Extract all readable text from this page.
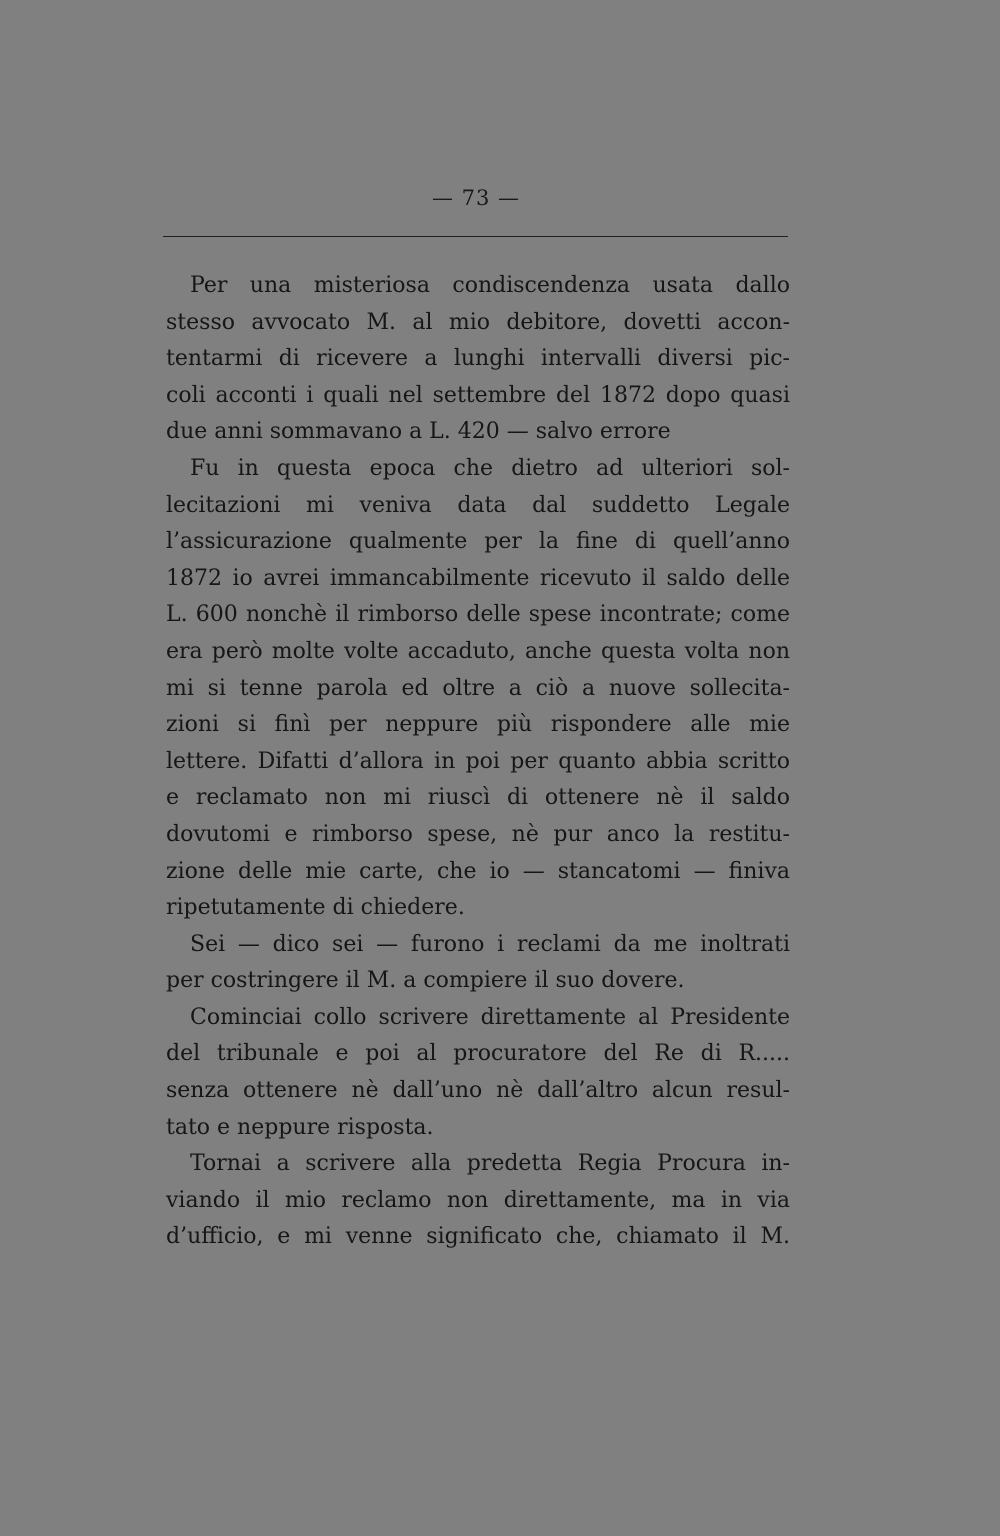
— 73 —
Per una misteriosa condiscendenza usata dallo
stesso avvocato M. al mio debitore, dovetti accon-
tentarmi di ricevere a lunghi intervalli diversi pic-
coli acconti i quali nel settembre del 1872 dopo quasi
due anni sommavano a L. 420 — salvo errore
Fu in questa epoca che dietro ad ulteriori sol-
lecitazioni mi veniva data dal suddetto Legale
l’assicurazione qualmente per la fine di quell’anno
1872 io avrei immancabilmente ricevuto il saldo delle
L. 600 nonchè il rimborso delle spese incontrate; come
era però molte volte accaduto, anche questa volta non
mi si tenne parola ed oltre a ciò a nuove sollecita-
zioni si finì per neppure più rispondere alle mie
lettere. Difatti d’allora in poi per quanto abbia scritto
e reclamato non mi riuscì di ottenere nè il saldo
dovutomi e rimborso spese, nè pur anco la restitu-
zione delle mie carte, che io — stancatomi — finiva
ripetutamente di chiedere.
Sei — dico sei — furono i reclami da me inoltrati
per costringere il M. a compiere il suo dovere.
Cominciai collo scrivere direttamente al Presidente
del tribunale e poi al procuratore del Re di R.....
senza ottenere nè dall’uno nè dall’altro alcun resul-
tato e neppure risposta.
Tornai a scrivere alla predetta Regia Procura in-
viando il mio reclamo non direttamente, ma in via
d’ufficio, e mi venne significato che, chiamato il M.
